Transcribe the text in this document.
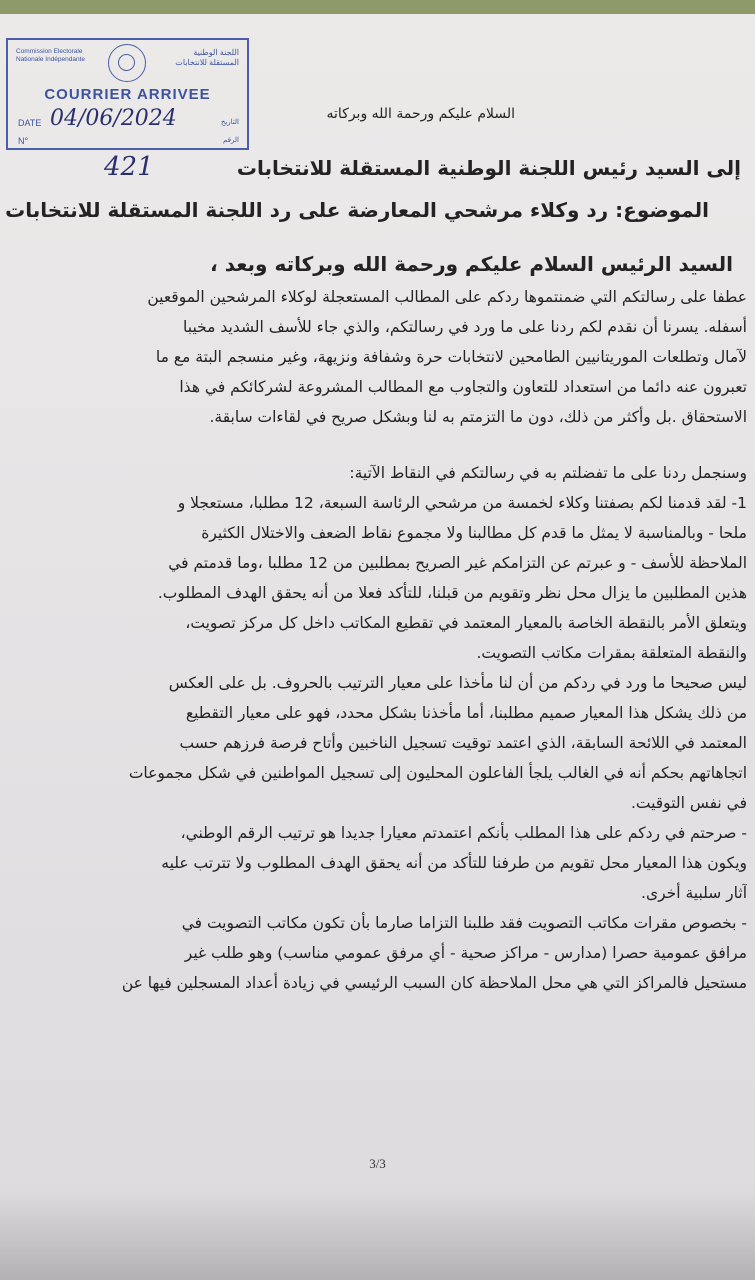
Commission Electorale Nationale Indépendante
اللجنة الوطنية المستقلة للانتخابات
COURRIER ARRIVEE
DATE 04/06/2024	التاريخ
N°	الرقم
421
السلام عليكم ورحمة الله وبركاته
إلى السيد رئيس اللجنة الوطنية المستقلة للانتخابات
الموضوع: رد وكلاء مرشحي المعارضة على رد اللجنة المستقلة للانتخابات
السيد الرئيس السلام عليكم ورحمة الله وبركاته وبعد ،
عطفا على رسالتكم التي ضمنتموها ردكم على المطالب المستعجلة لوكلاء المرشحين الموقعين
أسفله. يسرنا أن نقدم لكم ردنا على ما ورد في رسالتكم، والذي جاء للأسف الشديد مخيبا
لآمال وتطلعات الموريتانيين الطامحين لانتخابات حرة وشفافة ونزيهة، وغير منسجم البتة مع ما
تعبرون عنه دائما من استعداد للتعاون والتجاوب مع المطالب المشروعة لشركائكم في هذا
الاستحقاق .بل وأكثر من ذلك، دون ما التزمتم به لنا وبشكل صريح في لقاءات سابقة.
وسنجمل ردنا على ما تفضلتم به في رسالتكم في النقاط الآتية:
1- لقد قدمنا لكم بصفتنا وكلاء لخمسة من مرشحي الرئاسة السبعة، 12 مطلبا، مستعجلا و
ملحا - وبالمناسبة لا يمثل ما قدم كل مطالبنا ولا مجموع نقاط الضعف والاختلال الكثيرة
الملاحظة للأسف - و عبرتم عن التزامكم غير الصريح بمطلبين من 12 مطلبا ،وما قدمتم في
هذين المطلبين ما يزال محل نظر وتقويم من قبلنا، للتأكد فعلا من أنه يحقق الهدف المطلوب.
ويتعلق الأمر بالنقطة الخاصة بالمعيار المعتمد في تقطيع المكاتب داخل كل مركز تصويت،
والنقطة المتعلقة بمقرات مكاتب التصويت.
ليس صحيحا ما ورد في ردكم من أن لنا مأخذا على معيار الترتيب بالحروف. بل على العكس
من ذلك يشكل هذا المعيار صميم مطلبنا، أما مأخذنا بشكل محدد، فهو على معيار التقطيع
المعتمد في اللائحة السابقة، الذي اعتمد توقيت تسجيل الناخبين وأتاح فرصة فرزهم حسب
اتجاهاتهم بحكم أنه في الغالب يلجأ الفاعلون المحليون إلى تسجيل المواطنين في شكل مجموعات
في نفس التوقيت.
- صرحتم في ردكم على هذا المطلب بأنكم اعتمدتم معيارا جديدا هو ترتيب الرقم الوطني،
ويكون هذا المعيار محل تقويم من طرفنا للتأكد من أنه يحقق الهدف المطلوب ولا تترتب عليه
آثار سلبية أخرى.
- بخصوص مقرات مكاتب التصويت فقد طلبنا التزاما صارما بأن تكون مكاتب التصويت في
مرافق عمومية حصرا (مدارس - مراكز صحية - أي مرفق عمومي مناسب) وهو طلب غير
مستحيل فالمراكز التي هي محل الملاحظة كان السبب الرئيسي في زيادة أعداد المسجلين فيها عن
3/3
